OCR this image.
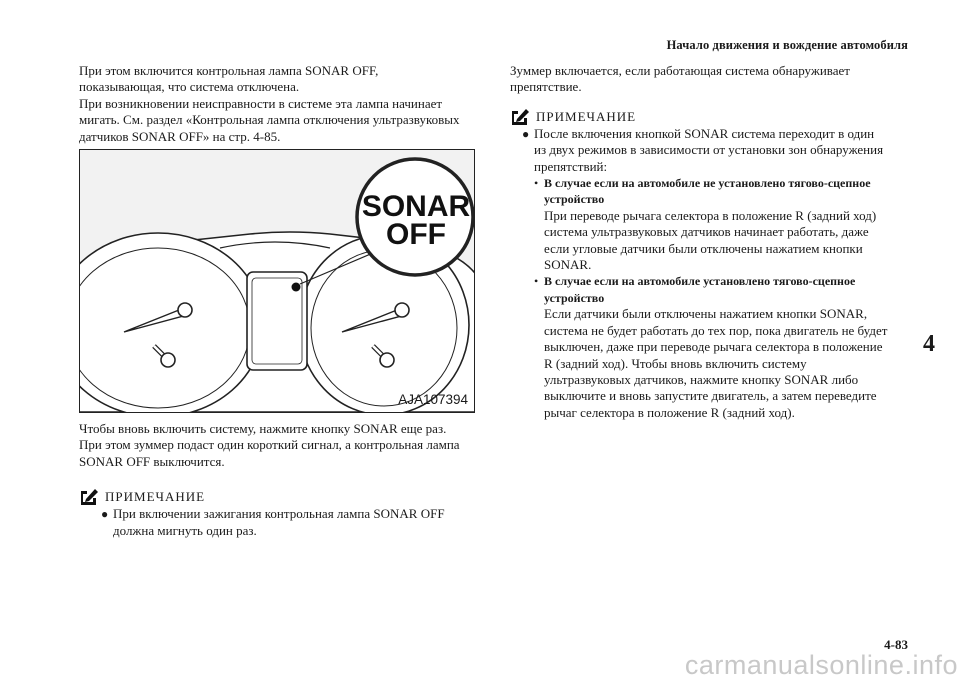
Начало движения и вождение автомобиля

При этом включится контрольная лампа SONAR OFF,
показывающая, что система отключена.
При возникновении неисправности в системе эта лампа начинает
мигать. См. раздел «Контрольная лампа отключения ультразвуковых
датчиков SONAR OFF» на стр. 4-85.

SONAR
OFF
AJA107394

Чтобы вновь включить систему, нажмите кнопку SONAR еще раз.
При этом зуммер подаст один короткий сигнал, а контрольная лампа
SONAR OFF выключится.

ПРИМЕЧАНИЕ
● При включении зажигания контрольная лампа SONAR OFF
должна мигнуть один раз.

Зуммер включается, если работающая система обнаруживает
препятствие.

ПРИМЕЧАНИЕ
● После включения кнопкой SONAR система переходит в один
из двух режимов в зависимости от установки зон обнаружения
препятствий:
• В случае если на автомобиле не установлено тягово-сцепное
устройство
При переводе рычага селектора в положение R (задний ход)
система ультразвуковых датчиков начинает работать, даже
если угловые датчики были отключены нажатием кнопки
SONAR.
• В случае если на автомобиле установлено тягово-сцепное
устройство
Если датчики были отключены нажатием кнопки SONAR,
система не будет работать до тех пор, пока двигатель не будет
выключен, даже при переводе рычага селектора в положение
R (задний ход). Чтобы вновь включить систему
ультразвуковых датчиков, нажмите кнопку SONAR либо
выключите и вновь запустите двигатель, а затем переведите
рычаг селектора в положение R (задний ход).
4
4-83
carmanualsonline.info
